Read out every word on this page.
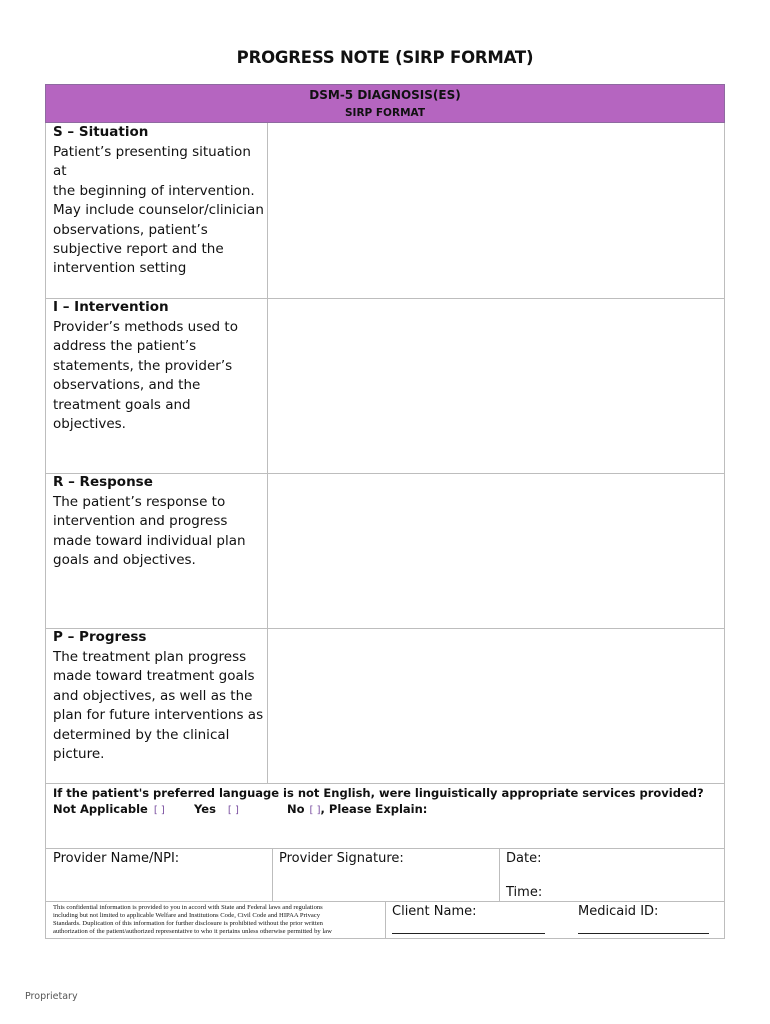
PROGRESS NOTE (SIRP FORMAT)
DSM-5 DIAGNOSIS(ES)
SIRP FORMAT
S – Situation
Patient’s presenting situation at
the beginning of intervention.
May include counselor/clinician
observations, patient’s
subjective report and the
intervention setting
I – Intervention
Provider’s methods used to
address the patient’s
statements, the provider’s
observations, and the
treatment goals and objectives.
R – Response
The patient’s response to
intervention and progress
made toward individual plan
goals and objectives.
P – Progress
The treatment plan progress
made toward treatment goals
and objectives, as well as the
plan for future interventions as
determined by the clinical
picture.
If the patient's preferred language is not English, were linguistically appropriate services provided?
Not Applicable [ ]	Yes [ ]	No [ ], Please Explain:
Provider Name/NPI:	Provider Signature:	Date:
Time:
This confidential information is provided to you in accord with State and Federal laws and regulations
including but not limited to applicable Welfare and Institutions Code, Civil Code and HIPAA Privacy
Standards. Duplication of this information for further disclosure is prohibited without the prior written
authorization of the patient/authorized representative to who it pertains unless otherwise permitted by law
Client Name:	Medicaid ID:
Proprietary
